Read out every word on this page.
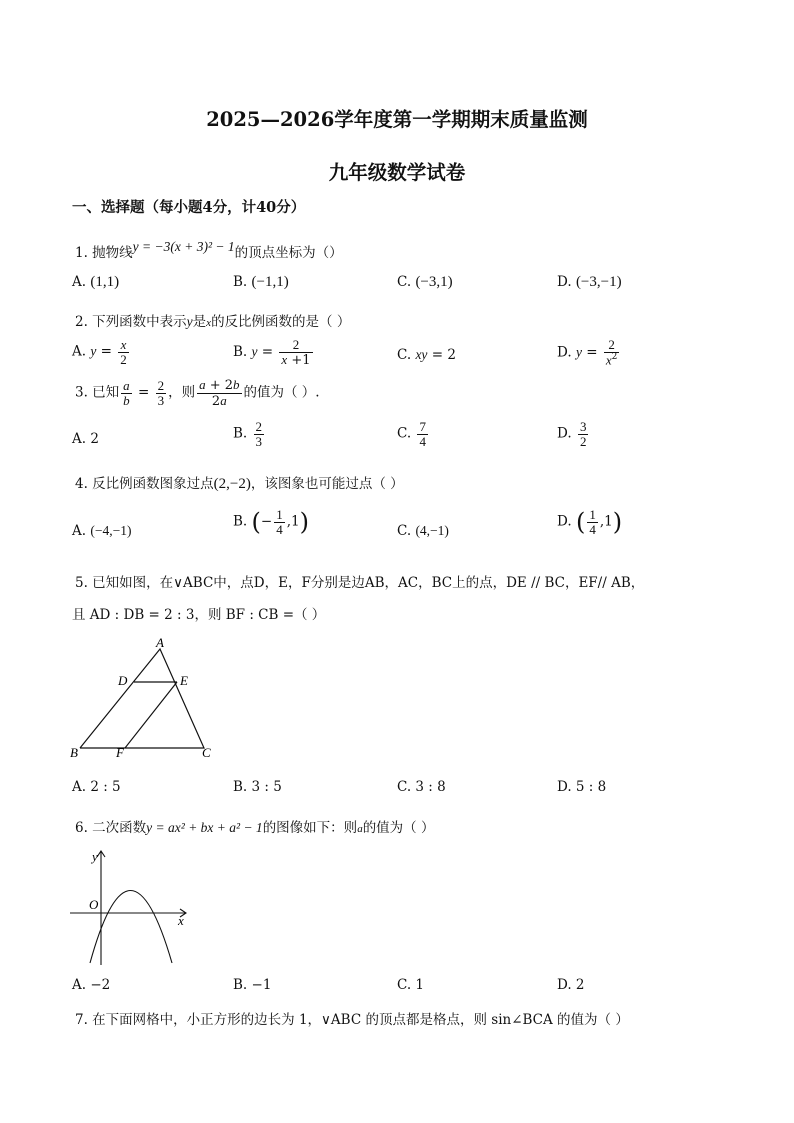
2025—2026学年度第一学期期末质量监测
九年级数学试卷
一、选择题（每小题4分，计40分）
1. 抛物线y = −3(x + 3)² − 1的顶点坐标为（）
A. (1,1)	B. (−1,1)	C. (−3,1)	D. (−3,−1)
2. 下列函数中表示y是x的反比例函数的是（ ）
A. $y = \frac{x}{2}$	B. $y = \frac{2}{x +1}$	C. xy = 2	D. $y = \frac{2}{x^2}$
3. 已知 $\frac{a}{b} = \frac{2}{3}$ ，则 $\frac{a + 2b}{2a}$ 的值为（ ）.
A. 2	B. $\frac{2}{3}$	C. $\frac{7}{4}$	D. $\frac{3}{2}$
4. 反比例函数图象过点(2,−2)，该图象也可能过点（ ）
A. (−4,−1)
B. (− $\frac{1}{4} ,1$)	C. (4,−1)
D. ( $\frac{1}{4} ,1$)
5. 已知如图，在∨ABC中，点D，E，F分别是边AB，AC，BC上的点，DE // BC，EF// AB，
且 AD : DB = 2 : 3，则 BF : CB =（ ）
A
D	E
B	F	C
A. 2 : 5	B. 3 : 5	C. 3 : 8	D. 5 : 8
6. 二次函数y = ax² + bx + a² − 1的图像如下：则a的值为（ ）
y
O
x
A. −2	B. −1	C. 1	D. 2
7. 在下面网格中，小正方形的边长为 1，∨ABC 的顶点都是格点，则 sin∠BCA 的值为（ ）
